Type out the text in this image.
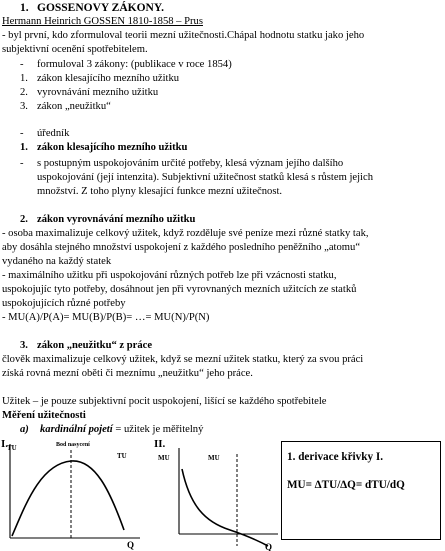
1. GOSSENOVY ZÁKONY.
Hermann Heinrich GOSSEN 1810-1858 – Prus
- byl první, kdo zformuloval teorii mezní užitečnosti.Chápal hodnotu statku jako jeho
subjektivní ocenění spotřebitelem.
- formuloval 3 zákony: (publikace v roce 1854)
1. zákon klesajícího mezního užitku
2. vyrovnávání mezního užitku
3. zákon „neužitku“
- úředník
1. zákon klesajícího mezního užitku
- s postupným uspokojováním určité potřeby, klesá význam jejího dalšího
uspokojování (její intenzita). Subjektivní užitečnost statků klesá s růstem jejich
množství. Z toho plyny klesající funkce mezní užitečnost.
2. zákon vyrovnávání mezního užitku
- osoba maximalizuje celkový užitek, když rozděluje své peníze mezi různé statky tak,
aby dosáhla stejného množství uspokojení z každého posledního peněžního „atomu“
vydaného na každý statek
- maximálního užitku při uspokojování různých potřeb lze při vzácnosti statku,
uspokojujíc tyto potřeby, dosáhnout jen při vyrovnaných mezních užitcích ze statků
uspokojujících různé potřeby
- MU(A)/P(A)= MU(B)/P(B)= …= MU(N)/P(N)
3. zákon „neužitku“ z práce
člověk maximalizuje celkový užitek, když se mezní užitek statku, který za svou práci
získá rovná mezní oběti či meznímu „neužitku“ jeho práce.
Užitek – je pouze subjektivní pocit uspokojení, lišící se každého spotřebitele
Měření užitečnosti
a) kardinální pojetí = užitek je měřitelný
I.
TU
TU
Bod nasycení
Q
II.
MU	MU
Q
1. derivace křivky I.
MU= ∆TU/∆Q= dTU/dQ
